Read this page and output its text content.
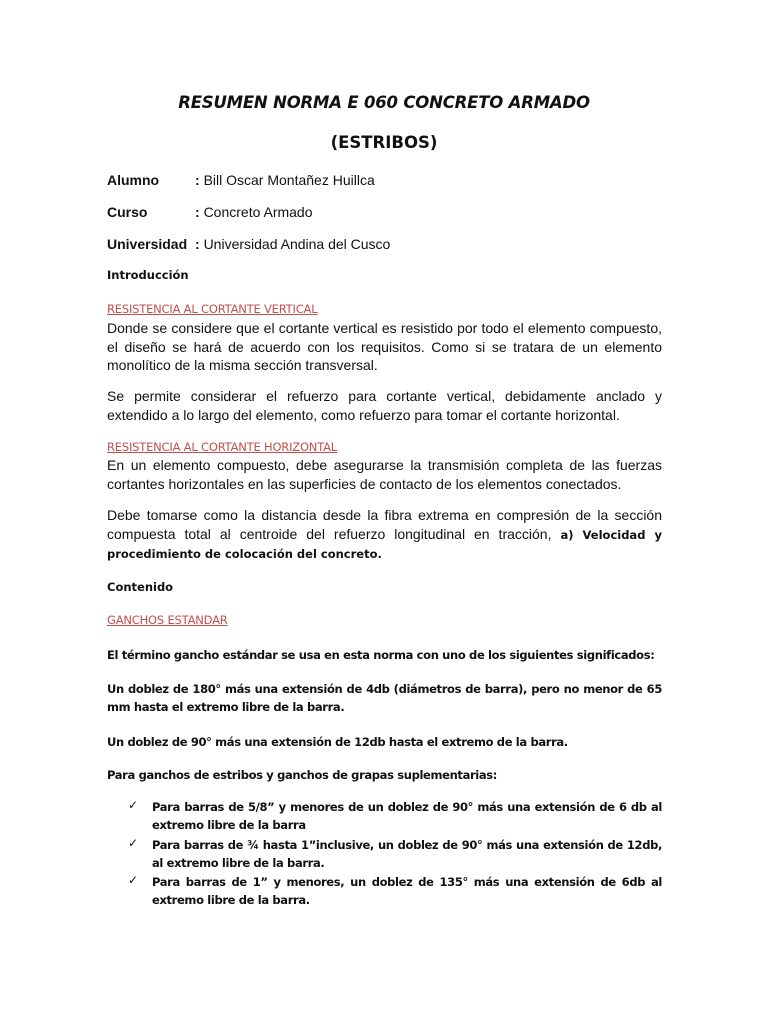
RESUMEN NORMA E 060 CONCRETO ARMADO
(ESTRIBOS)
Alumno	: Bill Oscar Montañez Huillca
Curso	: Concreto Armado
Universidad : Universidad Andina del Cusco
Introducción
RESISTENCIA AL CORTANTE VERTICAL

Donde se considere que el cortante vertical es resistido por todo el elemento compuesto, el diseño se hará de acuerdo con los requisitos. Como si se tratara de un elemento monolítico de la misma sección transversal.

Se permite considerar el refuerzo para cortante vertical, debidamente anclado y extendido a lo largo del elemento, como refuerzo para tomar el cortante horizontal.

RESISTENCIA AL CORTANTE HORIZONTAL

En un elemento compuesto, debe asegurarse la transmisión completa de las fuerzas cortantes horizontales en las superficies de contacto de los elementos conectados.

Debe tomarse como la distancia desde la fibra extrema en compresión de la sección compuesta total al centroide del refuerzo longitudinal en tracción, a) Velocidad y procedimiento de colocación del concreto.

Contenido
GANCHOS ESTANDAR

El término gancho estándar se usa en esta norma con uno de los siguientes significados:

Un doblez de 180° más una extensión de 4db (diámetros de barra), pero no menor de 65 mm hasta el extremo libre de la barra.

Un doblez de 90° más una extensión de 12db hasta el extremo de la barra.

Para ganchos de estribos y ganchos de grapas suplementarias:

✓ Para barras de 5/8” y menores de un doblez de 90° más una extensión de 6 db al extremo libre de la barra

✓ Para barras de ¾ hasta 1”inclusive, un doblez de 90° más una extensión de 12db, al extremo libre de la barra.

✓ Para barras de 1” y menores, un doblez de 135° más una extensión de 6db al extremo libre de la barra.
